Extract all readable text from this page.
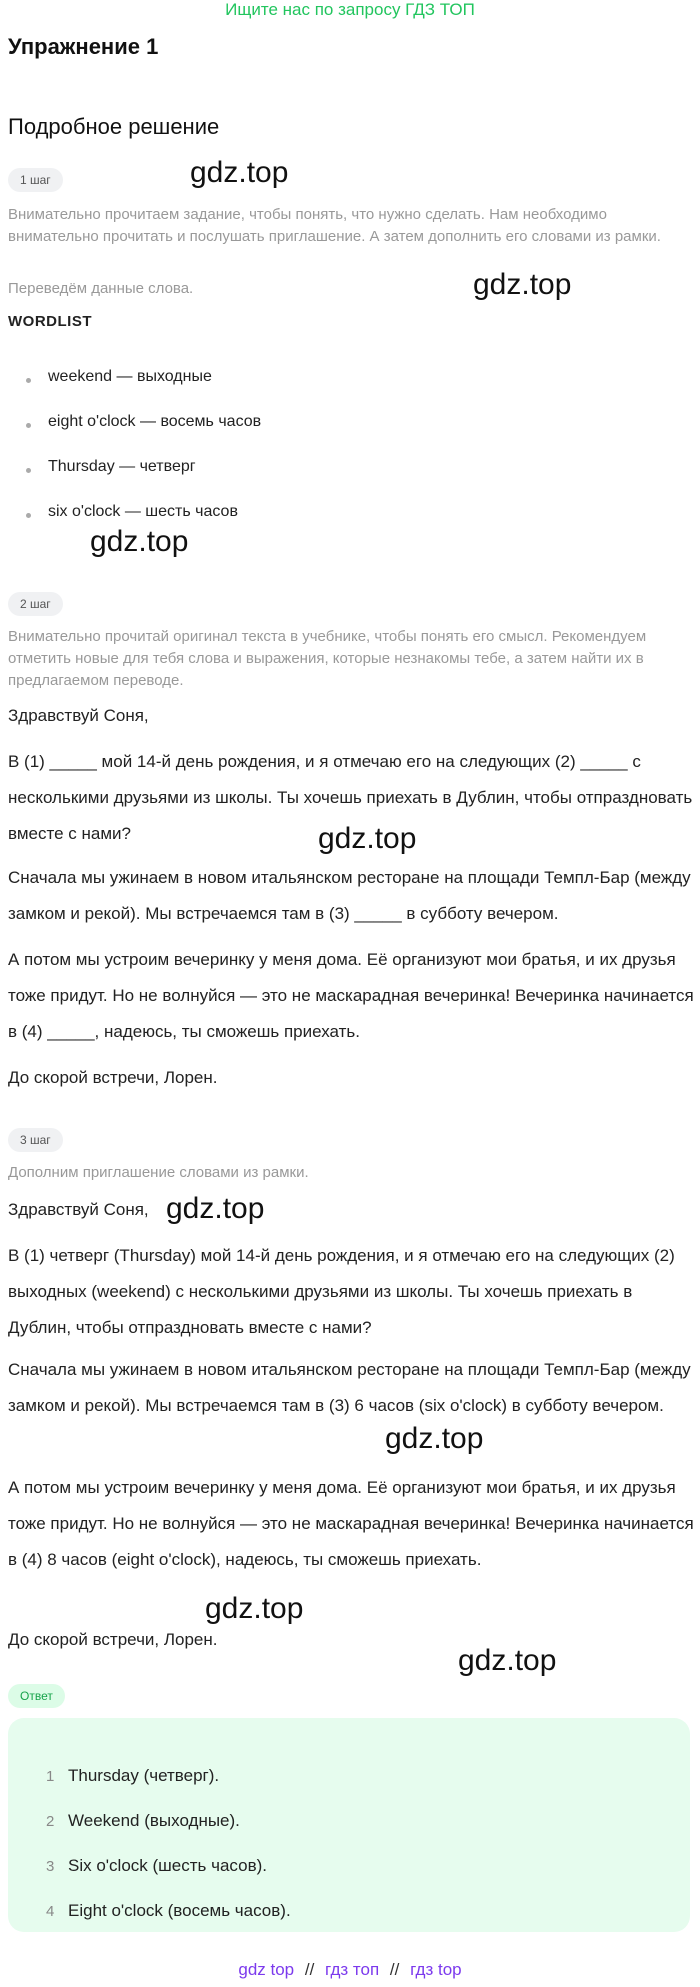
Ищите нас по запросу ГДЗ ТОП
Упражнение 1
Подробное решение
1 шаг	gdz.top
Внимательно прочитаем задание, чтобы понять, что нужно сделать. Нам необходимо внимательно прочитать и послушать приглашение. А затем дополнить его словами из рамки.
Переведём данные слова.	gdz.top
WORDLIST
weekend — выходные
eight o'clock — восемь часов
Thursday — четверг
six o'clock — шесть часов
gdz.top
2 шаг
Внимательно прочитай оригинал текста в учебнике, чтобы понять его смысл. Рекомендуем отметить новые для тебя слова и выражения, которые незнакомы тебе, а затем найти их в предлагаемом переводе.

Здравствуй Соня,

В (1) _____ мой 14-й день рождения, и я отмечаю его на следующих (2) _____ с несколькими друзьями из школы. Ты хочешь приехать в Дублин, чтобы отпраздновать вместе с нами?	gdz.top

Сначала мы ужинаем в новом итальянском ресторане на площади Темпл-Бар (между замком и рекой). Мы встречаемся там в (3) _____ в субботу вечером.

А потом мы устроим вечеринку у меня дома. Её организуют мои братья, и их друзья тоже придут. Но не волнуйся — это не маскарадная вечеринка! Вечеринка начинается в (4) _____, надеюсь, ты сможешь приехать.

До скорой встречи, Лорен.

3 шаг
Дополним приглашение словами из рамки.

Здравствуй Соня, gdz.top

В (1) четверг (Thursday) мой 14-й день рождения, и я отмечаю его на следующих (2) выходных (weekend) с несколькими друзьями из школы. Ты хочешь приехать в Дублин, чтобы отпраздновать вместе с нами?

Сначала мы ужинаем в новом итальянском ресторане на площади Темпл-Бар (между замком и рекой). Мы встречаемся там в (3) 6 часов (six o'clock) в субботу вечером.

gdz.top

А потом мы устроим вечеринку у меня дома. Её организуют мои братья, и их друзья тоже придут. Но не волнуйся — это не маскарадная вечеринка! Вечеринка начинается в (4) 8 часов (eight o'clock), надеюсь, ты сможешь приехать.

gdz.top

До скорой встречи, Лорен.

gdz.top
Ответ
1 Thursday (четверг).
2 Weekend (выходные).
3 Six o'clock (шесть часов).
4 Eight o'clock (восемь часов).
gdz top // гдз топ // гдз top
